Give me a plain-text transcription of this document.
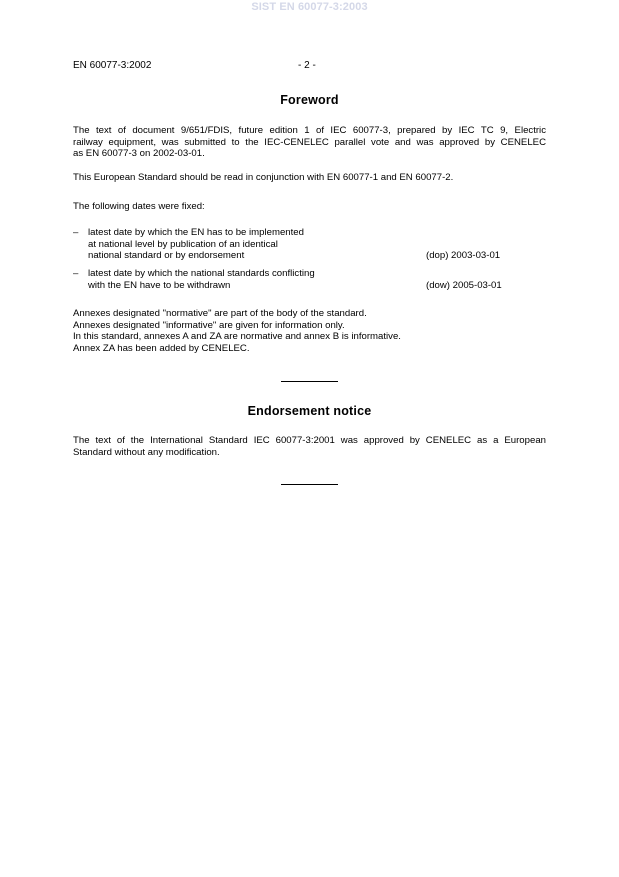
SIST EN 60077-3:2003
EN 60077-3:2002	- 2 -
Foreword
The text of document 9/651/FDIS, future edition 1 of IEC 60077-3, prepared by IEC TC 9, Electric
railway equipment, was submitted to the IEC-CENELEC parallel vote and was approved by CENELEC
as EN 60077-3 on 2002-03-01.
This European Standard should be read in conjunction with EN 60077-1 and EN 60077-2.
The following dates were fixed:
– latest date by which the EN has to be implemented
at national level by publication of an identical
national standard or by endorsement	(dop) 2003-03-01
– latest date by which the national standards conflicting
with the EN have to be withdrawn	(dow) 2005-03-01
Annexes designated "normative" are part of the body of the standard.
Annexes designated "informative" are given for information only.
In this standard, annexes A and ZA are normative and annex B is informative.
Annex ZA has been added by CENELEC.
Endorsement notice
The text of the International Standard IEC 60077-3:2001 was approved by CENELEC as a European
Standard without any modification.
